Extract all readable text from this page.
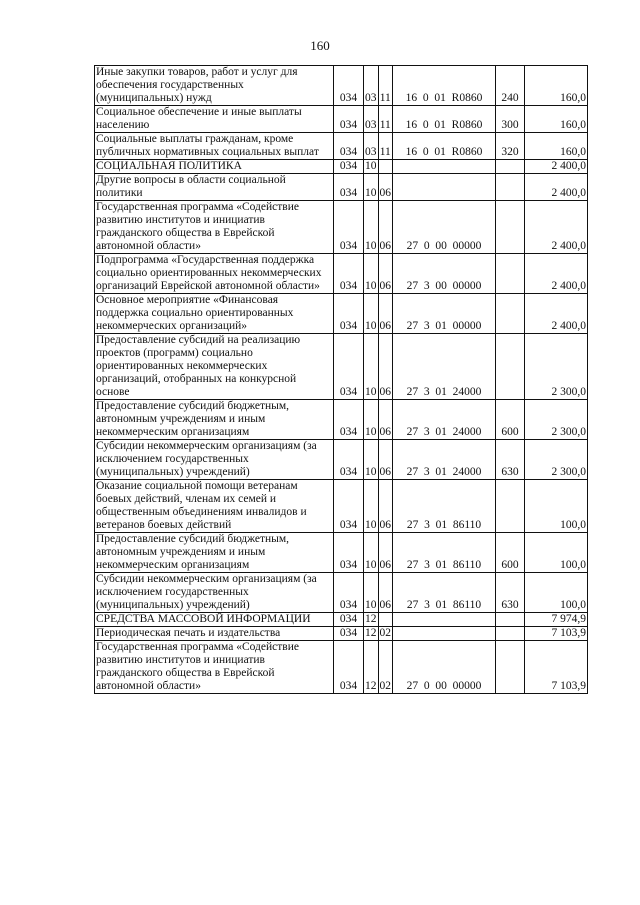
160
Иные закупки товаров, работ и услуг для обеспечения государственных (муниципальных) нужд	034	03	11	16  0  01  R0860	240	160,0
Социальное обеспечение и иные выплаты населению	034	03	11	16  0  01  R0860	300	160,0
Социальные выплаты гражданам, кроме публичных нормативных социальных выплат	034	03	11	16  0  01  R0860	320	160,0
СОЦИАЛЬНАЯ ПОЛИТИКА	034	10				2 400,0
Другие вопросы в области социальной политики	034	10	06			2 400,0
Государственная программа «Содействие развитию институтов и инициатив гражданского общества в Еврейской автономной области»	034	10	06	27  0  00  00000		2 400,0
Подпрограмма «Государственная поддержка социально ориентированных некоммерческих организаций Еврейской автономной области»	034	10	06	27  3  00  00000		2 400,0
Основное мероприятие «Финансовая поддержка социально ориентированных некоммерческих организаций»	034	10	06	27  3  01  00000		2 400,0
Предоставление субсидий на реализацию проектов (программ) социально ориентированных некоммерческих организаций, отобранных на конкурсной основе	034	10	06	27  3  01  24000		2 300,0
Предоставление субсидий бюджетным, автономным учреждениям и иным некоммерческим организациям	034	10	06	27  3  01  24000	600	2 300,0
Субсидии некоммерческим организациям (за исключением государственных (муниципальных) учреждений)	034	10	06	27  3  01  24000	630	2 300,0
Оказание социальной помощи ветеранам боевых действий, членам их семей и общественным объединениям инвалидов и ветеранов боевых действий	034	10	06	27  3  01  86110		100,0
Предоставление субсидий бюджетным, автономным учреждениям и иным некоммерческим организациям	034	10	06	27  3  01  86110	600	100,0
Субсидии некоммерческим организациям (за исключением государственных (муниципальных) учреждений)	034	10	06	27  3  01  86110	630	100,0
СРЕДСТВА МАССОВОЙ ИНФОРМАЦИИ	034	12				7 974,9
Периодическая печать и издательства	034	12	02			7 103,9
Государственная программа «Содействие развитию институтов и инициатив гражданского общества в Еврейской автономной области»	034	12	02	27  0  00  00000		7 103,9
